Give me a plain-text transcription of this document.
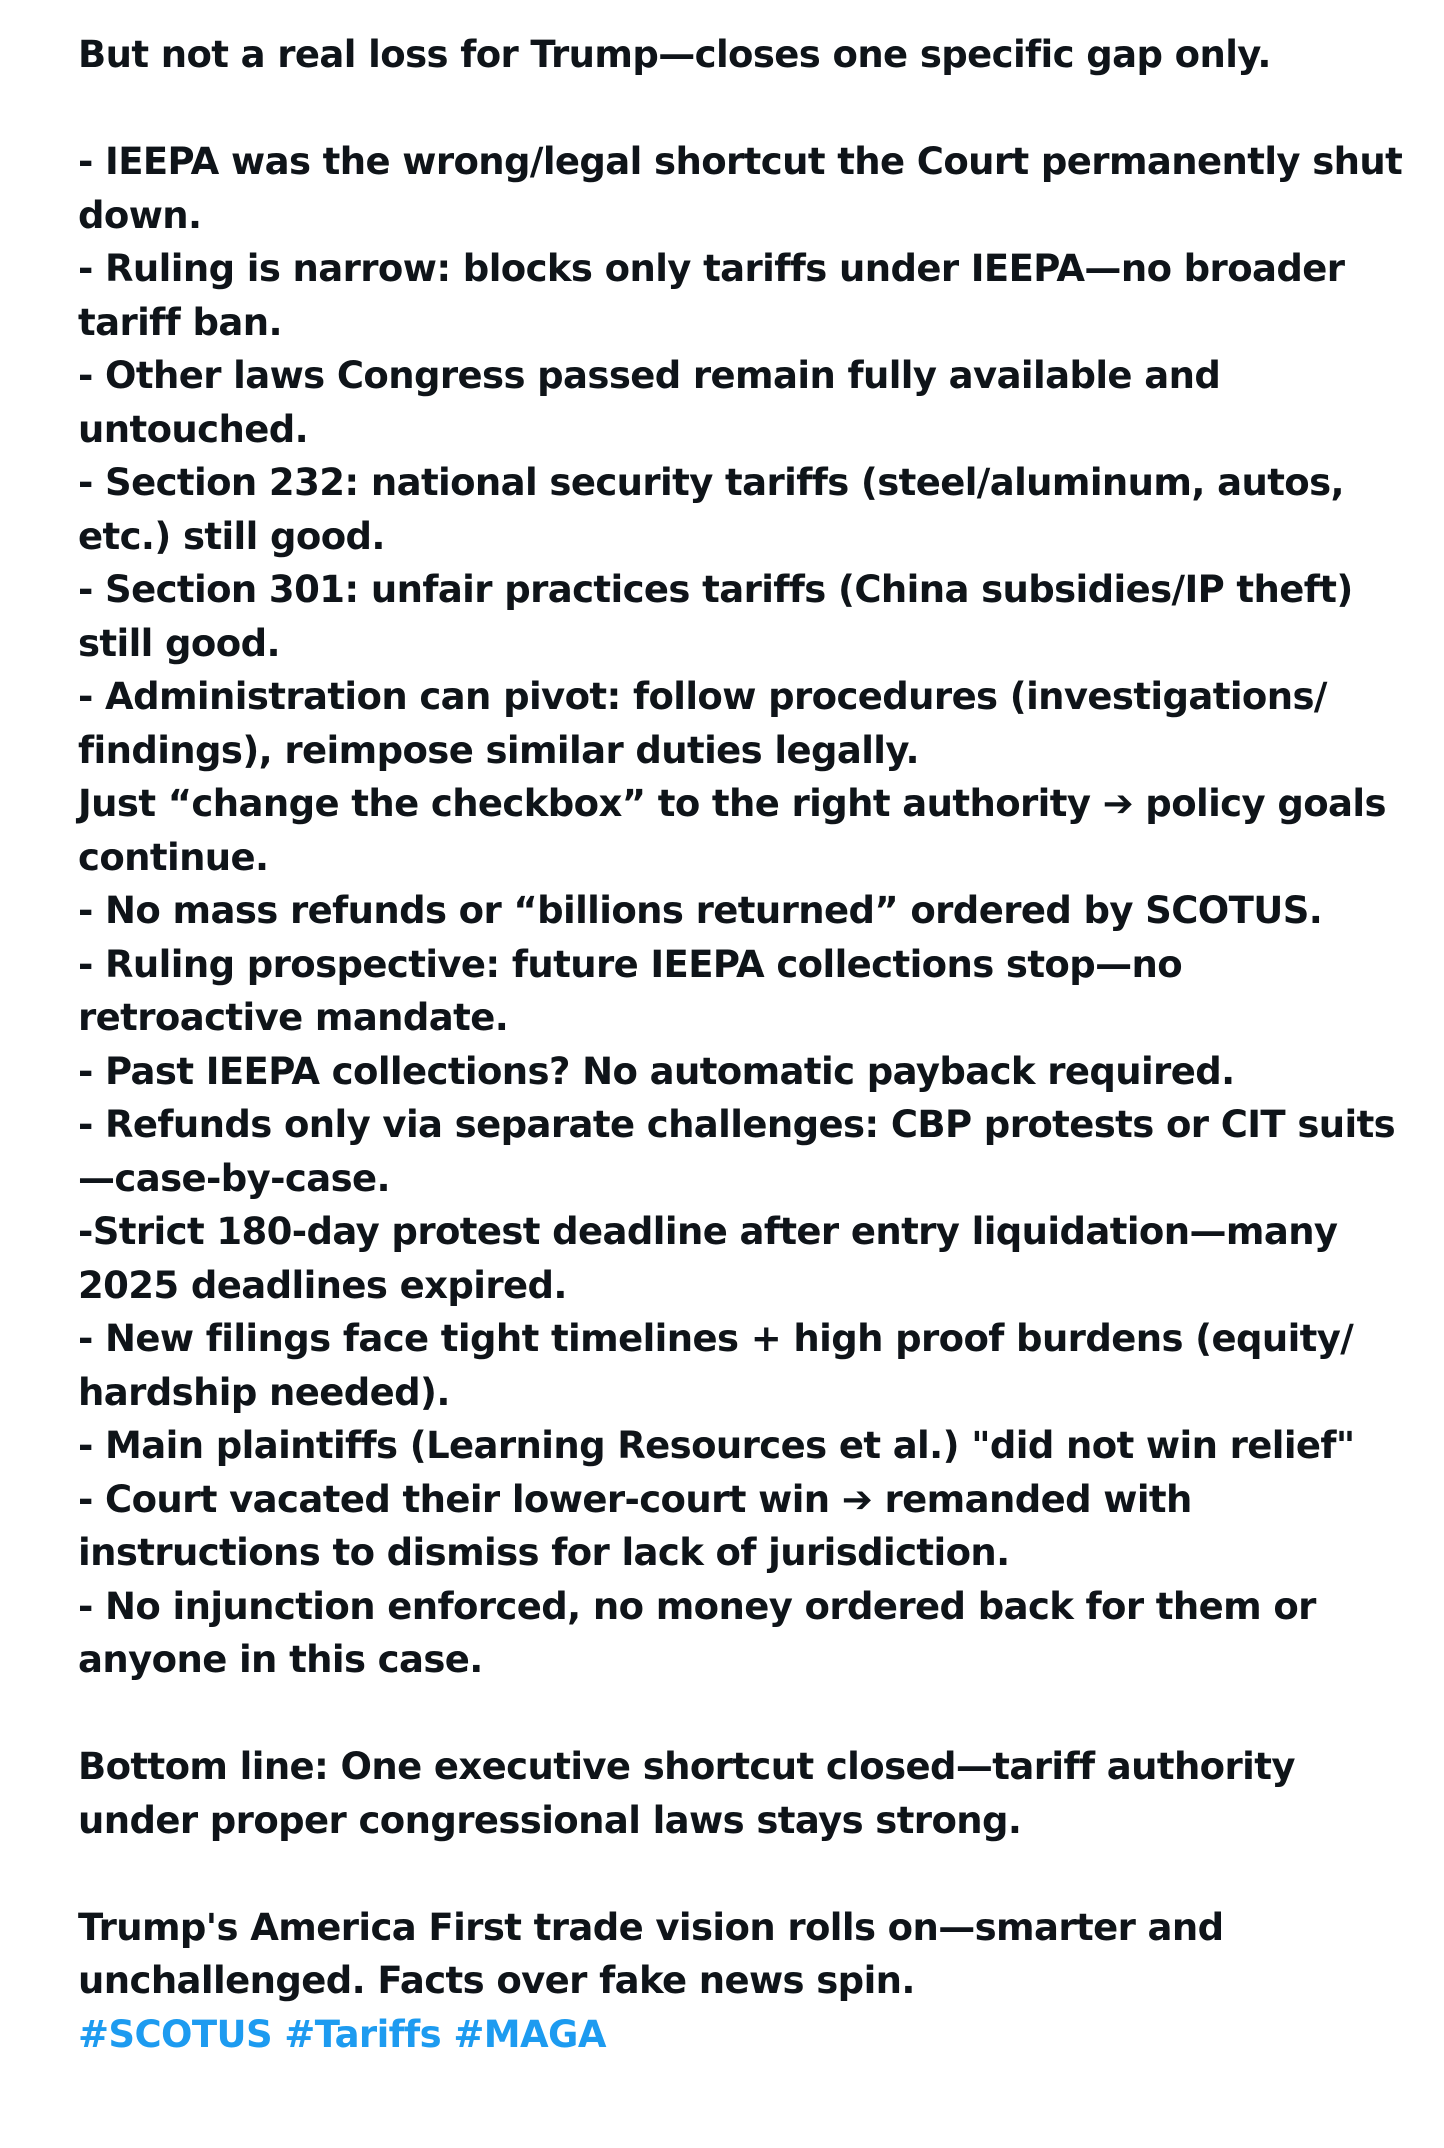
But not a real loss for Trump—closes one specific gap only.
- IEEPA was the wrong/legal shortcut the Court permanently shut
down.
- Ruling is narrow: blocks only tariffs under IEEPA—no broader
tariff ban.
- Other laws Congress passed remain fully available and
untouched.
- Section 232: national security tariffs (steel/aluminum, autos,
etc.) still good.
- Section 301: unfair practices tariffs (China subsidies/IP theft)
still good.
- Administration can pivot: follow procedures (investigations/
findings), reimpose similar duties legally.
Just “change the checkbox” to the right authority ➔ policy goals
continue.
- No mass refunds or “billions returned” ordered by SCOTUS.
- Ruling prospective: future IEEPA collections stop—no
retroactive mandate.
- Past IEEPA collections? No automatic payback required.
- Refunds only via separate challenges: CBP protests or CIT suits
—case-by-case.
-Strict 180-day protest deadline after entry liquidation—many
2025 deadlines expired.
- New filings face tight timelines + high proof burdens (equity/
hardship needed).
- Main plaintiffs (Learning Resources et al.) "did not win relief"
- Court vacated their lower-court win ➔ remanded with
instructions to dismiss for lack of jurisdiction.
- No injunction enforced, no money ordered back for them or
anyone in this case.
Bottom line: One executive shortcut closed—tariff authority
under proper congressional laws stays strong.
Trump's America First trade vision rolls on—smarter and
unchallenged. Facts over fake news spin.
#SCOTUS #Tariffs #MAGA
